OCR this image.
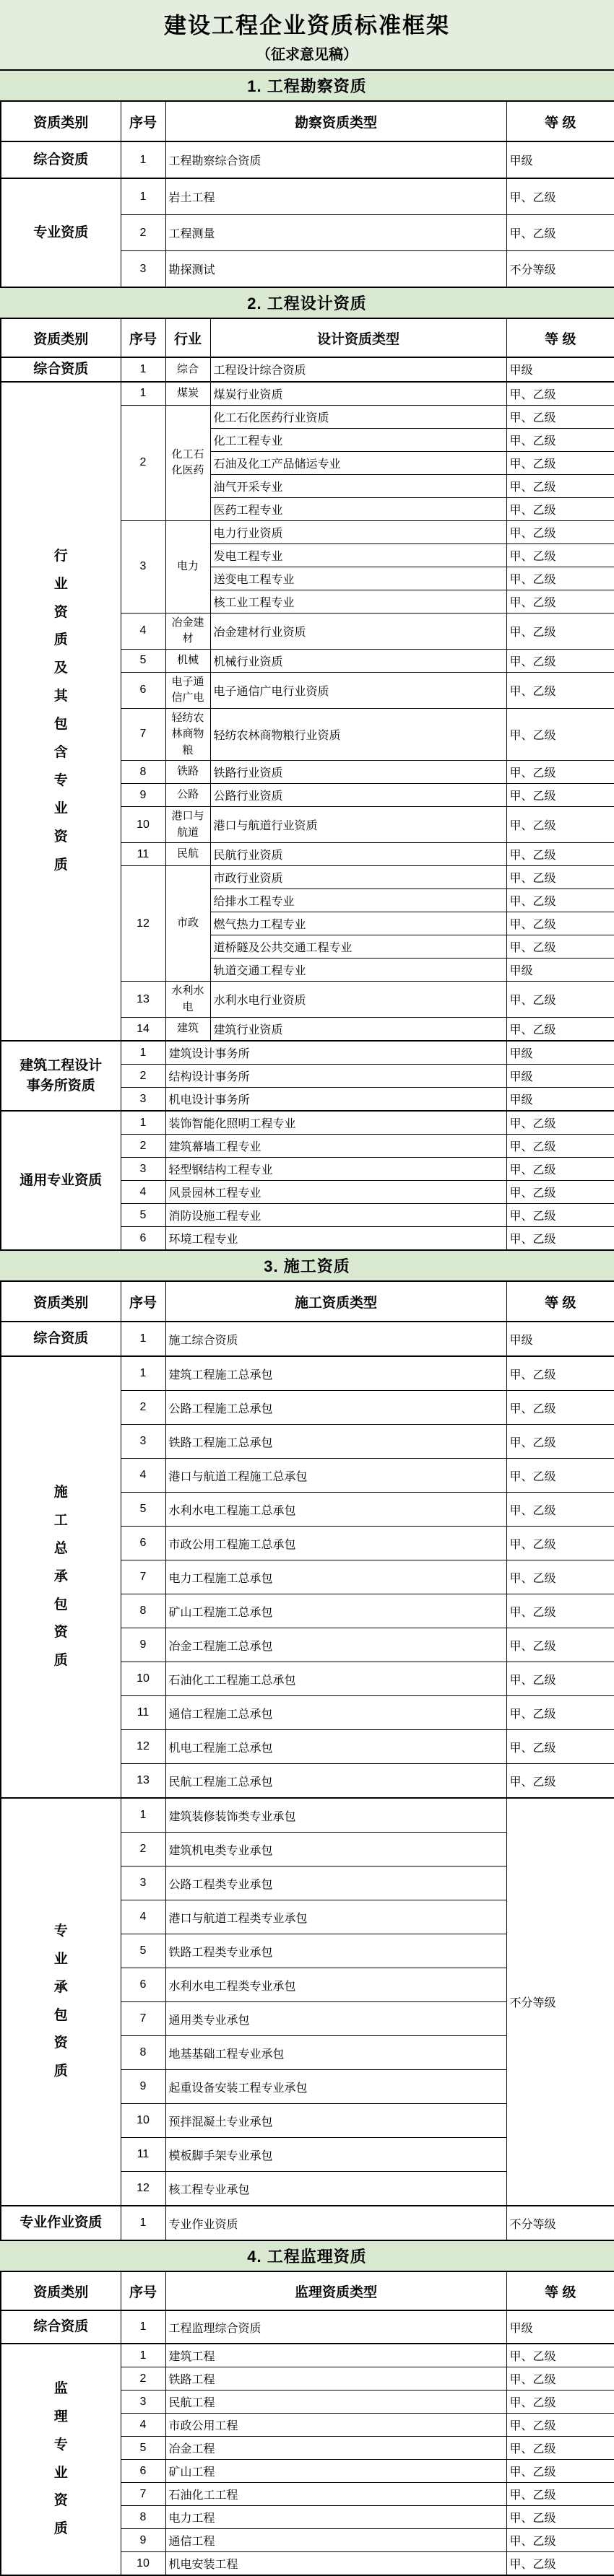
建设工程企业资质标准框架
（征求意见稿）
1. 工程勘察资质
资质类别	序号	勘察资质类型	等 级
综合资质	1	工程勘察综合资质	甲级
专业资质	1	岩土工程	甲、乙级
	2	工程测量	甲、乙级
	3	勘探测试	不分等级
2. 工程设计资质
资质类别	序号	行业	设计资质类型	等 级
综合资质	1	综合	工程设计综合资质	甲级
行业资质及其包含专业资质	1	煤炭	煤炭行业资质	甲、乙级
	2	化工石化医药	化工石化医药行业资质	甲、乙级
			化工工程专业	甲、乙级
			石油及化工产品储运专业	甲、乙级
			油气开采专业	甲、乙级
			医药工程专业	甲、乙级
	3	电力	电力行业资质	甲、乙级
			发电工程专业	甲、乙级
			送变电工程专业	甲、乙级
			核工业工程专业	甲、乙级
	4	冶金建材	冶金建材行业资质	甲、乙级
	5	机械	机械行业资质	甲、乙级
	6	电子通信广电	电子通信广电行业资质	甲、乙级
	7	轻纺农林商物粮	轻纺农林商物粮行业资质	甲、乙级
	8	铁路	铁路行业资质	甲、乙级
	9	公路	公路行业资质	甲、乙级
	10	港口与航道	港口与航道行业资质	甲、乙级
	11	民航	民航行业资质	甲、乙级
	12	市政	市政行业资质	甲、乙级
			给排水工程专业	甲、乙级
			燃气热力工程专业	甲、乙级
			道桥隧及公共交通工程专业	甲、乙级
			轨道交通工程专业	甲级
	13	水利水电	水利水电行业资质	甲、乙级
	14	建筑	建筑行业资质	甲、乙级
建筑工程设计事务所资质	1	建筑设计事务所		甲级
	2	结构设计事务所		甲级
	3	机电设计事务所		甲级
通用专业资质	1	装饰智能化照明工程专业		甲、乙级
	2	建筑幕墙工程专业		甲、乙级
	3	轻型钢结构工程专业		甲、乙级
	4	风景园林工程专业		甲、乙级
	5	消防设施工程专业		甲、乙级
	6	环境工程专业		甲、乙级
3. 施工资质
资质类别	序号	施工资质类型	等 级
综合资质	1	施工综合资质	甲级
施工总承包资质	1	建筑工程施工总承包	甲、乙级
	2	公路工程施工总承包	甲、乙级
	3	铁路工程施工总承包	甲、乙级
	4	港口与航道工程施工总承包	甲、乙级
	5	水利水电工程施工总承包	甲、乙级
	6	市政公用工程施工总承包	甲、乙级
	7	电力工程施工总承包	甲、乙级
	8	矿山工程施工总承包	甲、乙级
	9	冶金工程施工总承包	甲、乙级
	10	石油化工工程施工总承包	甲、乙级
	11	通信工程施工总承包	甲、乙级
	12	机电工程施工总承包	甲、乙级
	13	民航工程施工总承包	甲、乙级
专业承包资质	1	建筑装修装饰类专业承包	不分等级
	2	建筑机电类专业承包	
	3	公路工程类专业承包	
	4	港口与航道工程类专业承包	
	5	铁路工程类专业承包	
	6	水利水电工程类专业承包	
	7	通用类专业承包	
	8	地基基础工程专业承包	
	9	起重设备安装工程专业承包	
	10	预拌混凝土专业承包	
	11	模板脚手架专业承包	
	12	核工程专业承包	
专业作业资质	1	专业作业资质	不分等级
4. 工程监理资质
资质类别	序号	监理资质类型	等 级
综合资质	1	工程监理综合资质	甲级
监理专业资质	1	建筑工程	甲、乙级
	2	铁路工程	甲、乙级
	3	民航工程	甲、乙级
	4	市政公用工程	甲、乙级
	5	冶金工程	甲、乙级
	6	矿山工程	甲、乙级
	7	石油化工工程	甲、乙级
	8	电力工程	甲、乙级
	9	通信工程	甲、乙级
	10	机电安装工程	甲、乙级
